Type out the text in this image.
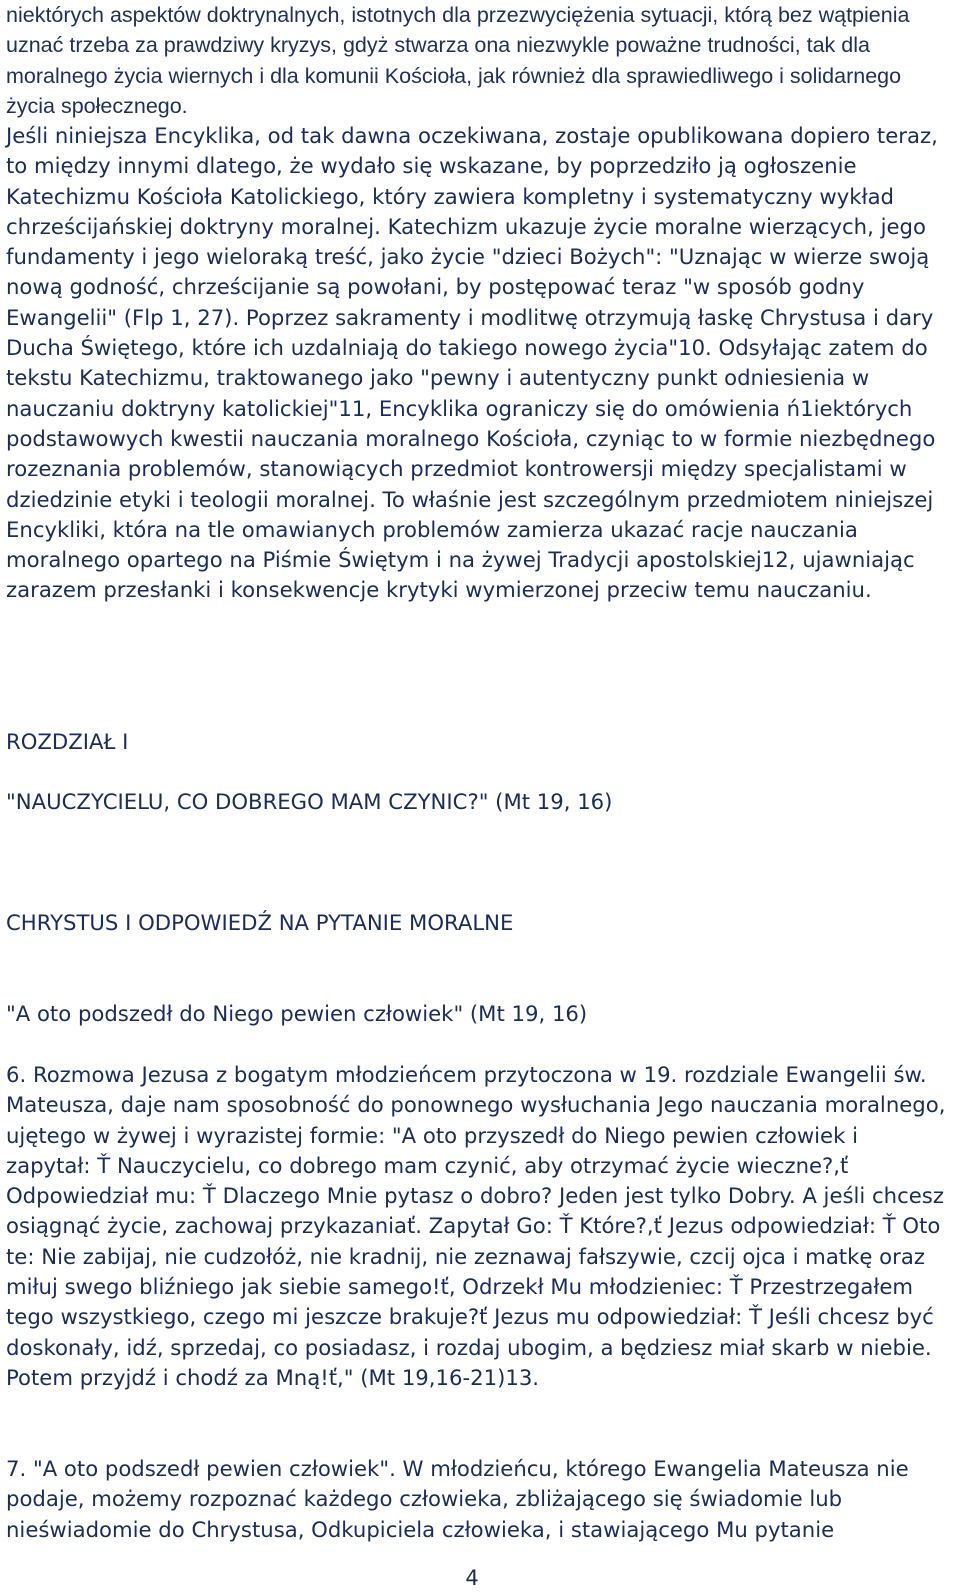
niektórych aspektów doktrynalnych, istotnych dla przezwyciężenia sytuacji, którą bez wątpienia uznać trzeba za prawdziwy kryzys, gdyż stwarza ona niezwykle poważne trudności, tak dla moralnego życia wiernych i dla komunii Kościoła, jak również dla sprawiedliwego i solidarnego życia społecznego.

Jeśli niniejsza Encyklika, od tak dawna oczekiwana, zostaje opublikowana dopiero teraz, to między innymi dlatego, że wydało się wskazane, by poprzedziło ją ogłoszenie Katechizmu Kościoła Katolickiego, który zawiera kompletny i systematyczny wykład chrześcijańskiej doktryny moralnej. Katechizm ukazuje życie moralne wierzących, jego fundamenty i jego wieloraką treść, jako życie "dzieci Bożych": "Uznając w wierze swoją nową godność, chrześcijanie są powołani, by postępować teraz "w sposób godny Ewangelii" (Flp 1, 27). Poprzez sakramenty i modlitwę otrzymują łaskę Chrystusa i dary Ducha Świętego, które ich uzdalniają do takiego nowego życia"10. Odsyłając zatem do tekstu Katechizmu, traktowanego jako "pewny i autentyczny punkt odniesienia w nauczaniu doktryny katolickiej"11, Encyklika ograniczy się do omówienia ń1iektórych podstawowych kwestii nauczania moralnego Kościoła, czyniąc to w formie niezbędnego rozeznania problemów, stanowiących przedmiot kontrowersji między specjalistami w dziedzinie etyki i teologii moralnej. To właśnie jest szczególnym przedmiotem niniejszej Encykliki, która na tle omawianych problemów zamierza ukazać racje nauczania moralnego opartego na Piśmie Świętym i na żywej Tradycji apostolskiej12, ujawniając zarazem przesłanki i konsekwencje krytyki wymierzonej przeciw temu nauczaniu.

ROZDZIAŁ I

"NAUCZYCIELU, CO DOBREGO MAM CZYNIC?" (Mt 19, 16)

CHRYSTUS I ODPOWIEDŹ NA PYTANIE MORALNE

"A oto podszedł do Niego pewien człowiek" (Mt 19, 16)

6. Rozmowa Jezusa z bogatym młodzieńcem przytoczona w 19. rozdziale Ewangelii św. Mateusza, daje nam sposobność do ponownego wysłuchania Jego nauczania moralnego, ujętego w żywej i wyrazistej formie: "A oto przyszedł do Niego pewien człowiek i zapytał: Ť Nauczycielu, co dobrego mam czynić, aby otrzymać życie wieczne?,ť Odpowiedział mu: Ť Dlaczego Mnie pytasz o dobro? Jeden jest tylko Dobry. A jeśli chcesz osiągnąć życie, zachowaj przykazaniať. Zapytał Go: Ť Które?,ť Jezus odpowiedział: Ť Oto te: Nie zabijaj, nie cudzołóż, nie kradnij, nie zeznawaj fałszywie, czcij ojca i matkę oraz miłuj swego bliźniego jak siebie samego!ť, Odrzekł Mu młodzieniec: Ť Przestrzegałem tego wszystkiego, czego mi jeszcze brakuje?ť Jezus mu odpowiedział: Ť Jeśli chcesz być doskonały, idź, sprzedaj, co posiadasz, i rozdaj ubogim, a będziesz miał skarb w niebie. Potem przyjdź i chodź za Mną!ť," (Mt 19,16-21)13.

7. "A oto podszedł pewien człowiek". W młodzieńcu, którego Ewangelia Mateusza nie podaje, możemy rozpoznać każdego człowieka, zbliżającego się świadomie lub nieświadomie do Chrystusa, Odkupiciela człowieka, i stawiającego Mu pytanie

4
